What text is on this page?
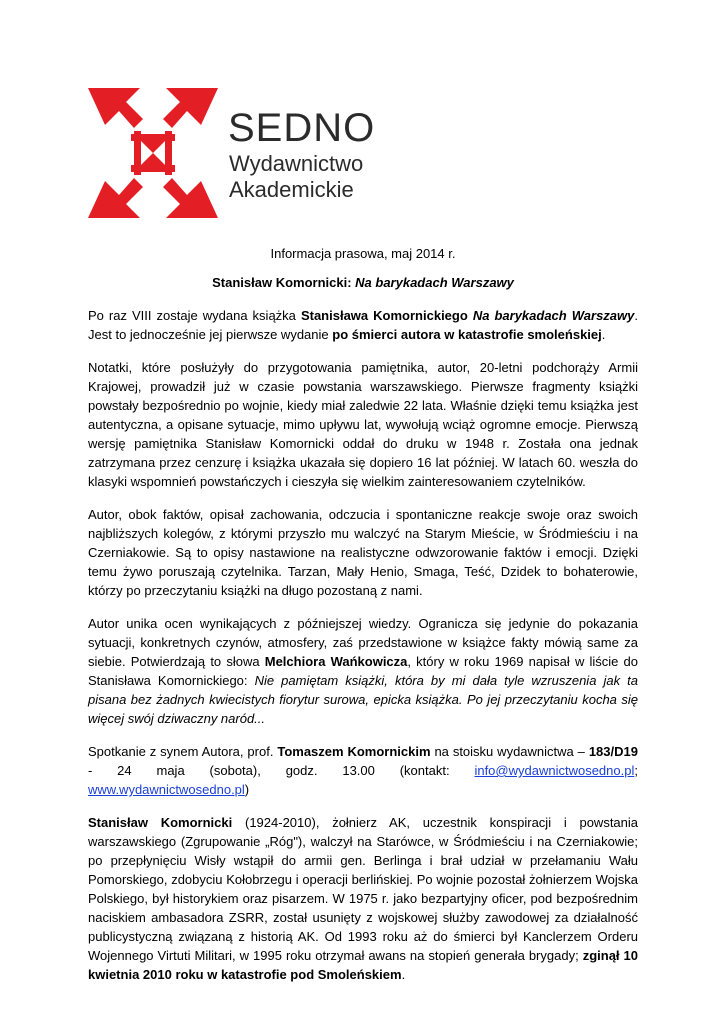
SEDNO
Wydawnictwo
Akademickie

Informacja prasowa, maj 2014 r.

Stanisław Komornicki: Na barykadach Warszawy

Po raz VIII zostaje wydana książka Stanisława Komornickiego Na barykadach Warszawy. Jest to jednocześnie jej pierwsze wydanie po śmierci autora w katastrofie smoleńskiej.

Notatki, które posłużyły do przygotowania pamiętnika, autor, 20-letni podchorąży Armii Krajowej, prowadził już w czasie powstania warszawskiego. Pierwsze fragmenty książki powstały bezpośrednio po wojnie, kiedy miał zaledwie 22 lata. Właśnie dzięki temu książka jest autentyczna, a opisane sytuacje, mimo upływu lat, wywołują wciąż ogromne emocje. Pierwszą wersję pamiętnika Stanisław Komornicki oddał do druku w 1948 r. Została ona jednak zatrzymana przez cenzurę i książka ukazała się dopiero 16 lat później. W latach 60. weszła do klasyki wspomnień powstańczych i cieszyła się wielkim zainteresowaniem czytelników.

Autor, obok faktów, opisał zachowania, odczucia i spontaniczne reakcje swoje oraz swoich najbliższych kolegów, z którymi przyszło mu walczyć na Starym Mieście, w Śródmieściu i na Czerniakowie. Są to opisy nastawione na realistyczne odwzorowanie faktów i emocji. Dzięki temu żywo poruszają czytelnika. Tarzan, Mały Henio, Smaga, Teść, Dzidek to bohaterowie, którzy po przeczytaniu książki na długo pozostaną z nami.

Autor unika ocen wynikających z późniejszej wiedzy. Ogranicza się jedynie do pokazania sytuacji, konkretnych czynów, atmosfery, zaś przedstawione w książce fakty mówią same za siebie. Potwierdzają to słowa Melchiora Wańkowicza, który w roku 1969 napisał w liście do Stanisława Komornickiego: Nie pamiętam książki, która by mi dała tyle wzruszenia jak ta pisana bez żadnych kwiecistych fiorytur surowa, epicka książka. Po jej przeczytaniu kocha się więcej swój dziwaczny naród...

Spotkanie z synem Autora, prof. Tomaszem Komornickim na stoisku wydawnictwa – 183/D19 - 24 maja (sobota), godz. 13.00 (kontakt: info@wydawnictwosedno.pl; www.wydawnictwosedno.pl)

Stanisław Komornicki (1924-2010), żołnierz AK, uczestnik konspiracji i powstania warszawskiego (Zgrupowanie „Róg"), walczył na Starówce, w Śródmieściu i na Czerniakowie; po przepłynięciu Wisły wstąpił do armii gen. Berlinga i brał udział w przełamaniu Wału Pomorskiego, zdobyciu Kołobrzegu i operacji berlińskiej. Po wojnie pozostał żołnierzem Wojska Polskiego, był historykiem oraz pisarzem. W 1975 r. jako bezpartyjny oficer, pod bezpośrednim naciskiem ambasadora ZSRR, został usunięty z wojskowej służby zawodowej za działalność publicystyczną związaną z historią AK. Od 1993 roku aż do śmierci był Kanclerzem Orderu Wojennego Virtuti Militari, w 1995 roku otrzymał awans na stopień generała brygady; zginął 10 kwietnia 2010 roku w katastrofie pod Smoleńskiem.
